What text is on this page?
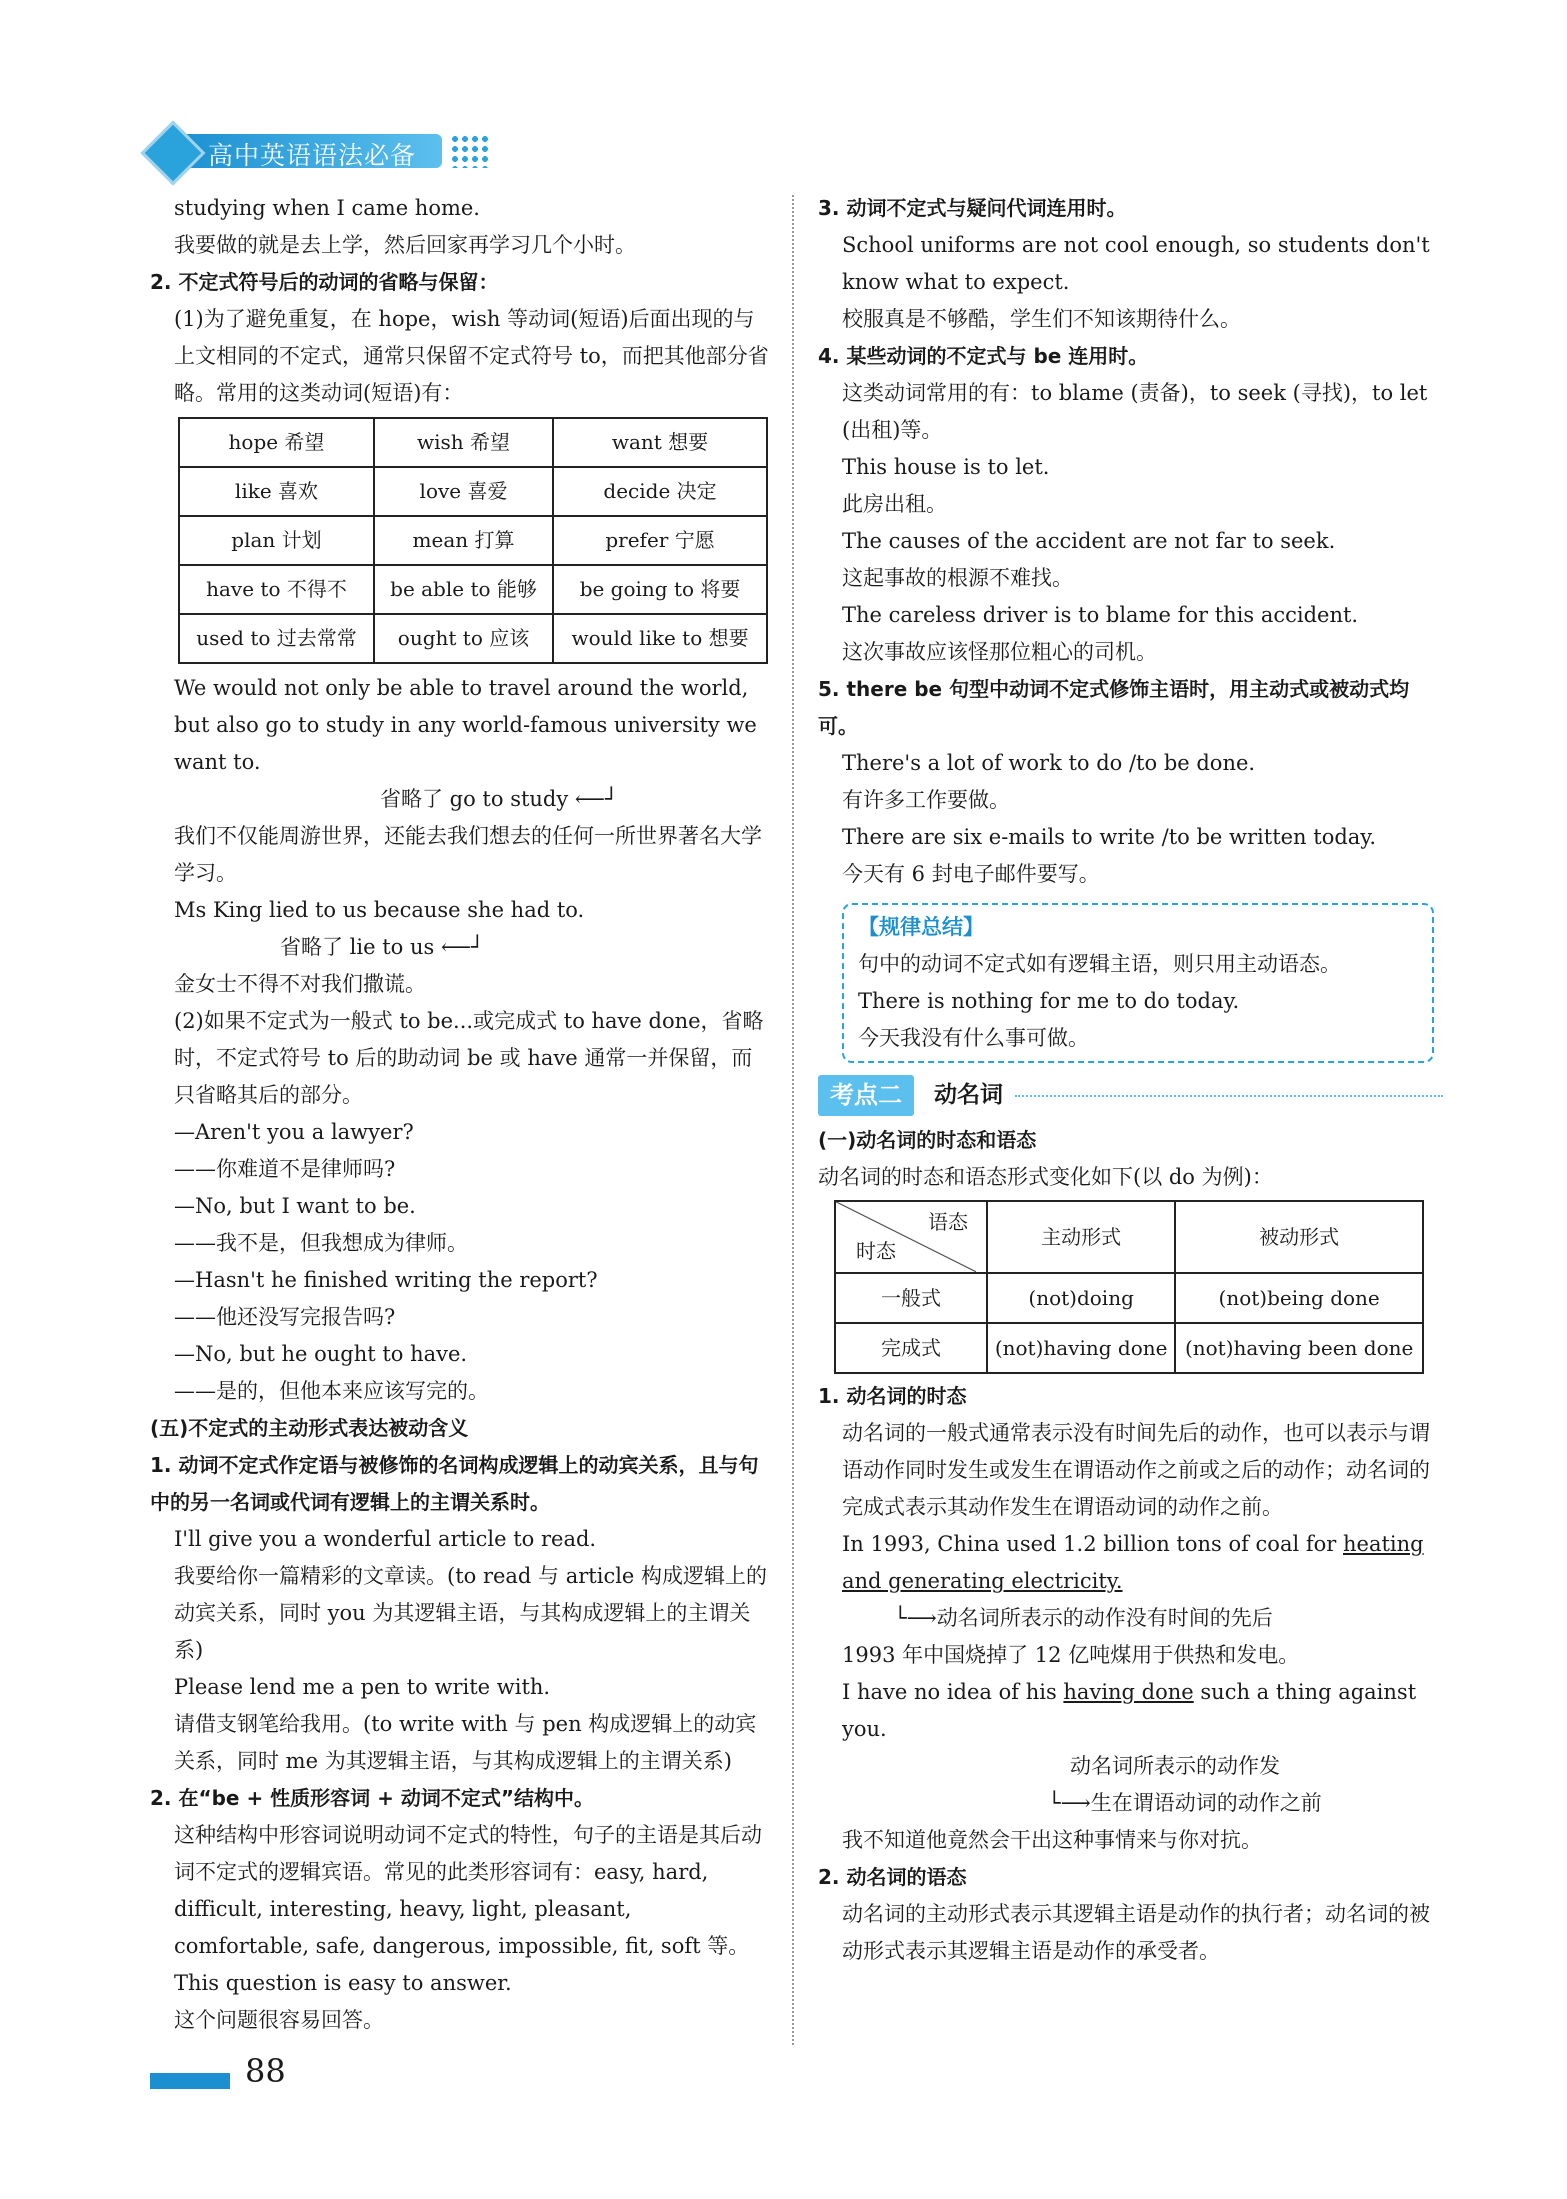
高中英语语法必备

studying when I came home.

我要做的就是去上学，然后回家再学习几个小时。

2. 不定式符号后的动词的省略与保留：

(1)为了避免重复，在 hope，wish 等动词(短语)后面出现的与上文相同的不定式，通常只保留不定式符号 to，而把其他部分省略。常用的这类动词(短语)有：

hope 希望	wish 希望	want 想要
like 喜欢	love 喜爱	decide 决定
plan 计划	mean 打算	prefer 宁愿
have to 不得不	be able to 能够	be going to 将要
used to 过去常常	ought to 应该	would like to 想要

We would not only be able to travel around the world, but also go to study in any world-famous university we want to.

省略了 go to study ⟵┘

我们不仅能周游世界，还能去我们想去的任何一所世界著名大学学习。

Ms King lied to us because she had to.

省略了 lie to us ⟵┘

金女士不得不对我们撒谎。

(2)如果不定式为一般式 to be...或完成式 to have done，省略时，不定式符号 to 后的助动词 be 或 have 通常一并保留，而只省略其后的部分。

—Aren't you a lawyer?

——你难道不是律师吗?

—No, but I want to be.

——我不是，但我想成为律师。

—Hasn't he finished writing the report?

——他还没写完报告吗?

—No, but he ought to have.

——是的，但他本来应该写完的。

(五)不定式的主动形式表达被动含义

1. 动词不定式作定语与被修饰的名词构成逻辑上的动宾关系，且与句中的另一名词或代词有逻辑上的主谓关系时。

I'll give you a wonderful article to read.

我要给你一篇精彩的文章读。(to read 与 article 构成逻辑上的动宾关系，同时 you 为其逻辑主语，与其构成逻辑上的主谓关系)

Please lend me a pen to write with.

请借支钢笔给我用。(to write with 与 pen 构成逻辑上的动宾关系，同时 me 为其逻辑主语，与其构成逻辑上的主谓关系)

2. 在“be + 性质形容词 + 动词不定式”结构中。

这种结构中形容词说明动词不定式的特性，句子的主语是其后动词不定式的逻辑宾语。常见的此类形容词有：easy, hard, difficult, interesting, heavy, light, pleasant, comfortable, safe, dangerous, impossible, fit, soft 等。

This question is easy to answer.

这个问题很容易回答。

3. 动词不定式与疑问代词连用时。

School uniforms are not cool enough, so students don't know what to expect.

校服真是不够酷，学生们不知该期待什么。

4. 某些动词的不定式与 be 连用时。

这类动词常用的有：to blame (责备)，to seek (寻找)，to let (出租)等。

This house is to let.

此房出租。

The causes of the accident are not far to seek.

这起事故的根源不难找。

The careless driver is to blame for this accident.

这次事故应该怪那位粗心的司机。

5. there be 句型中动词不定式修饰主语时，用主动式或被动式均可。

There's a lot of work to do /to be done.

有许多工作要做。

There are six e-mails to write /to be written today.

今天有 6 封电子邮件要写。

【规律总结】

句中的动词不定式如有逻辑主语，则只用主动语态。

There is nothing for me to do today.

今天我没有什么事可做。

考点二	动名词

(一)动名词的时态和语态

动名词的时态和语态形式变化如下(以 do 为例)：

语态
时态	主动形式	被动形式
一般式	(not)doing	(not)being done
完成式	(not)having done	(not)having been done

1. 动名词的时态

动名词的一般式通常表示没有时间先后的动作，也可以表示与谓语动作同时发生或发生在谓语动作之前或之后的动作；动名词的完成式表示其动作发生在谓语动词的动作之前。

In 1993, China used 1.2 billion tons of coal for heating and generating electricity.

└⟶动名词所表示的动作没有时间的先后

1993 年中国烧掉了 12 亿吨煤用于供热和发电。

I have no idea of his having done such a thing against you.

动名词所表示的动作发

└⟶生在谓语动词的动作之前

我不知道他竟然会干出这种事情来与你对抗。

2. 动名词的语态

动名词的主动形式表示其逻辑主语是动作的执行者；动名词的被动形式表示其逻辑主语是动作的承受者。

88
